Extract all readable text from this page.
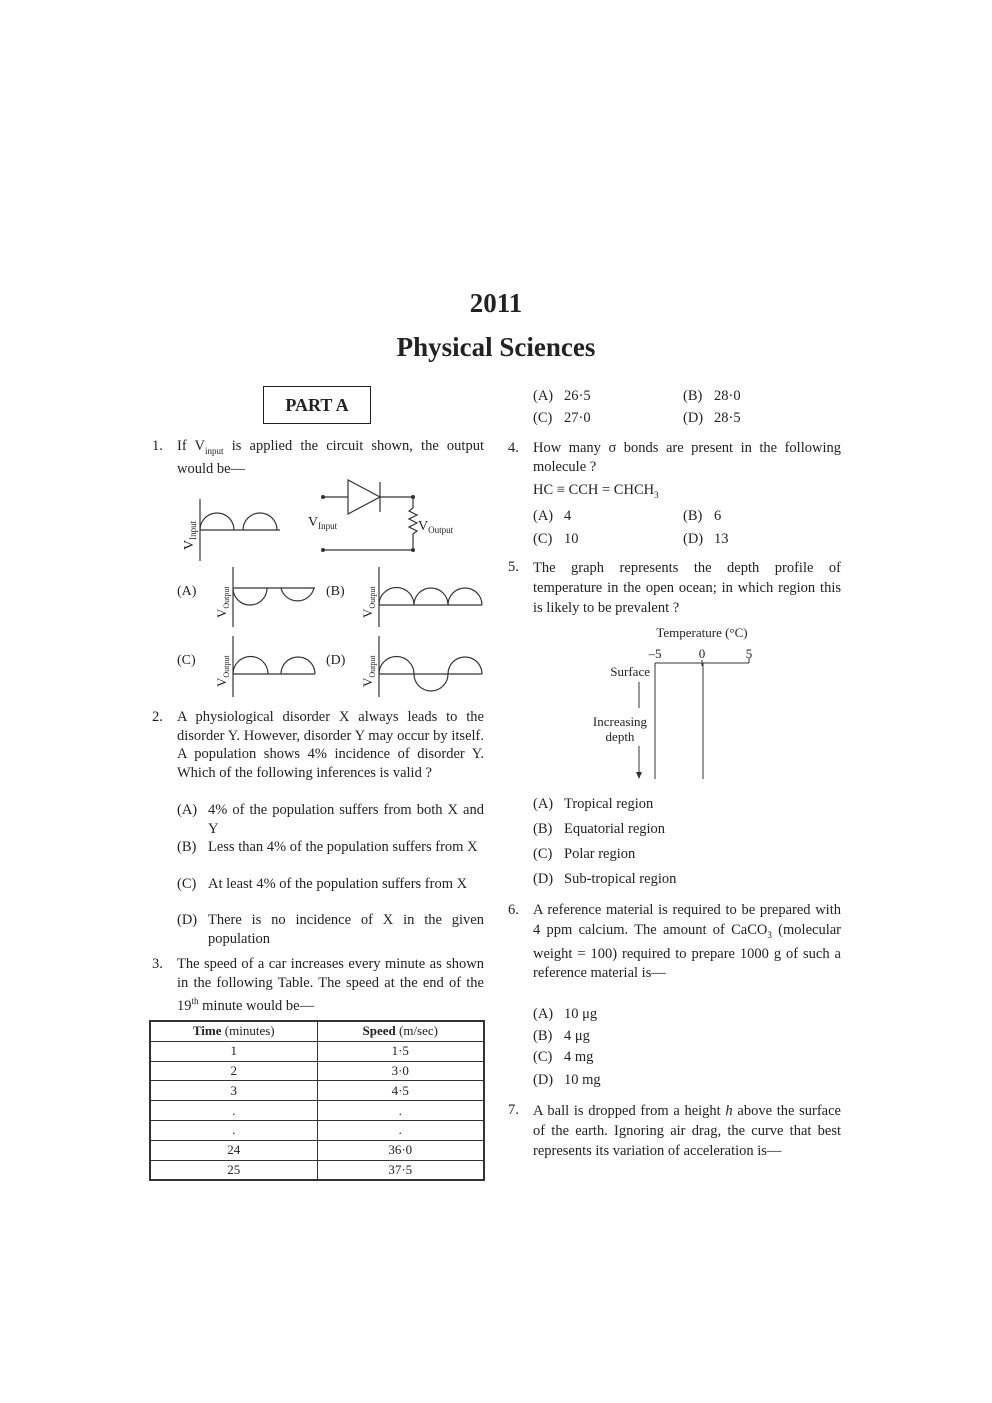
2011
Physical Sciences
PART A
1. If $V_{input}$ is applied the circuit shown, the output would be—
$V_{Input}$	$V_{Input}$	$V_{Output}$
(A)	(B)
(C)	(D)
$V_{Output}$
$V_{Output}$
$V_{Output}$
$V_{Output}$
2. A physiological disorder X always leads to the disorder Y. However, disorder Y may occur by itself. A population shows 4% incidence of disorder Y. Which of the following inferences is valid ?
(A) 4% of the population suffers from both X and Y
(B) Less than 4% of the population suffers from X
(C) At least 4% of the population suffers from X
(D) There is no incidence of X in the given population
3. The speed of a car increases every minute as shown in the following Table. The speed at the end of the 19th minute would be—
Time (minutes)	Speed (m/sec)
1	1·5
2	3·0
3	4·5
.	.
.	.
24	36·0
25	37·5
(A) 26·5	(B) 28·0
(C) 27·0	(D) 28·5
4. How many σ bonds are present in the following molecule ?
HC ≡ CCH = $CHCH_3$
(A) 4	(B) 6
(C) 10	(D) 13
5. The graph represents the depth profile of temperature in the open ocean; in which region this is likely to be prevalent ?
Temperature (°C)
–5	0	5
Surface
Increasing
depth
(A) Tropical region
(B) Equatorial region
(C) Polar region
(D) Sub-tropical region
6. A reference material is required to be prepared with 4 ppm calcium. The amount of CaCO$_3$ (molecular weight = 100) required to prepare 1000 g of such a reference material is—
(A) 10 μg
(B) 4 μg
(C) 4 mg
(D) 10 mg
7. A ball is dropped from a height h above the surface of the earth. Ignoring air drag, the curve that best represents its variation of acceleration is—
